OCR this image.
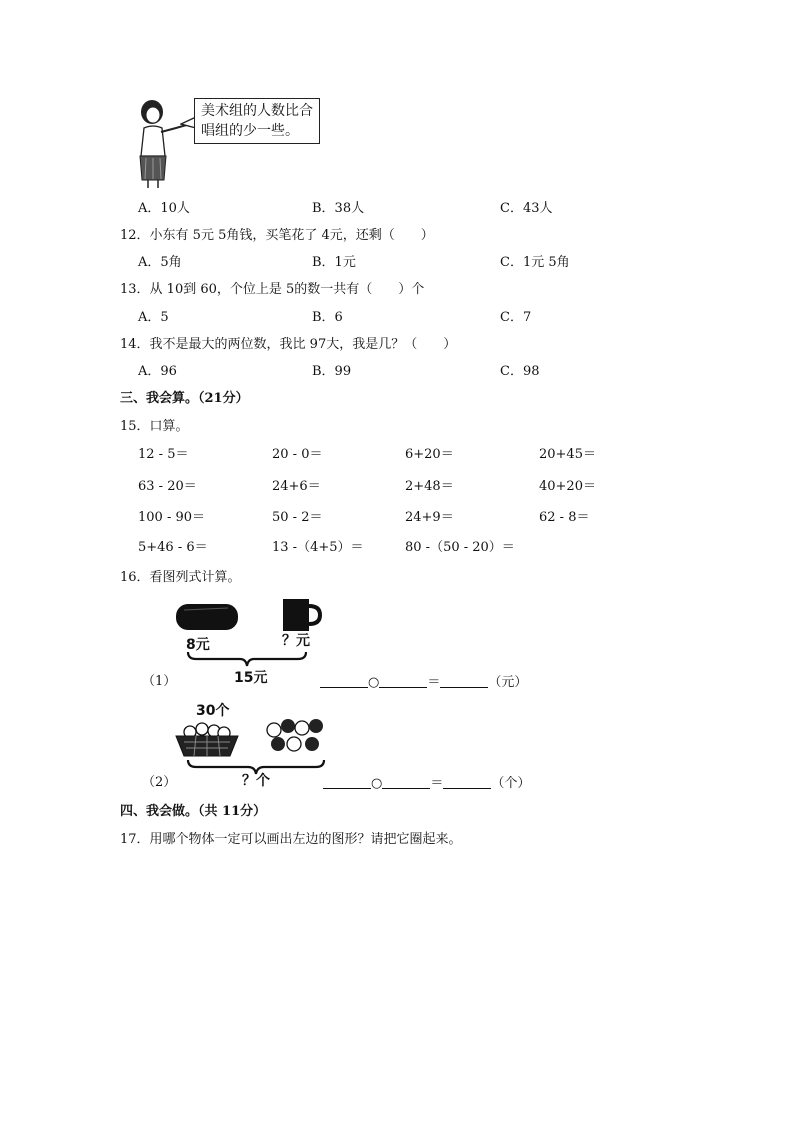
美术组的人数比合
唱组的少一些。
A．10人	B．38人	C．43人
12．小东有 5元 5角钱，买笔花了 4元，还剩（　　）
A．5角	B．1元	C．1元 5角
13．从 10到 60，个位上是 5的数一共有（　　）个
A．5	B．6	C．7
14．我不是最大的两位数，我比 97大，我是几？（　　）
A．96	B．99	C．98
三、我会算。（21分）
15．口算。
12 - 5＝	20 - 0＝	6+20＝	20+45＝
63 - 20＝	24+6＝	2+48＝	40+20＝
100 - 90＝	50 - 2＝	24+9＝	62 - 8＝
5+46 - 6＝	13 -（4+5）＝	80 -（50 - 20）＝
16．看图列式计算。
8元	？元
15元
（1）	○	＝	（元）
30个
？个
（2）	○	＝	（个）
四、我会做。（共 11分）
17．用哪个物体一定可以画出左边的图形？请把它圈起来。
